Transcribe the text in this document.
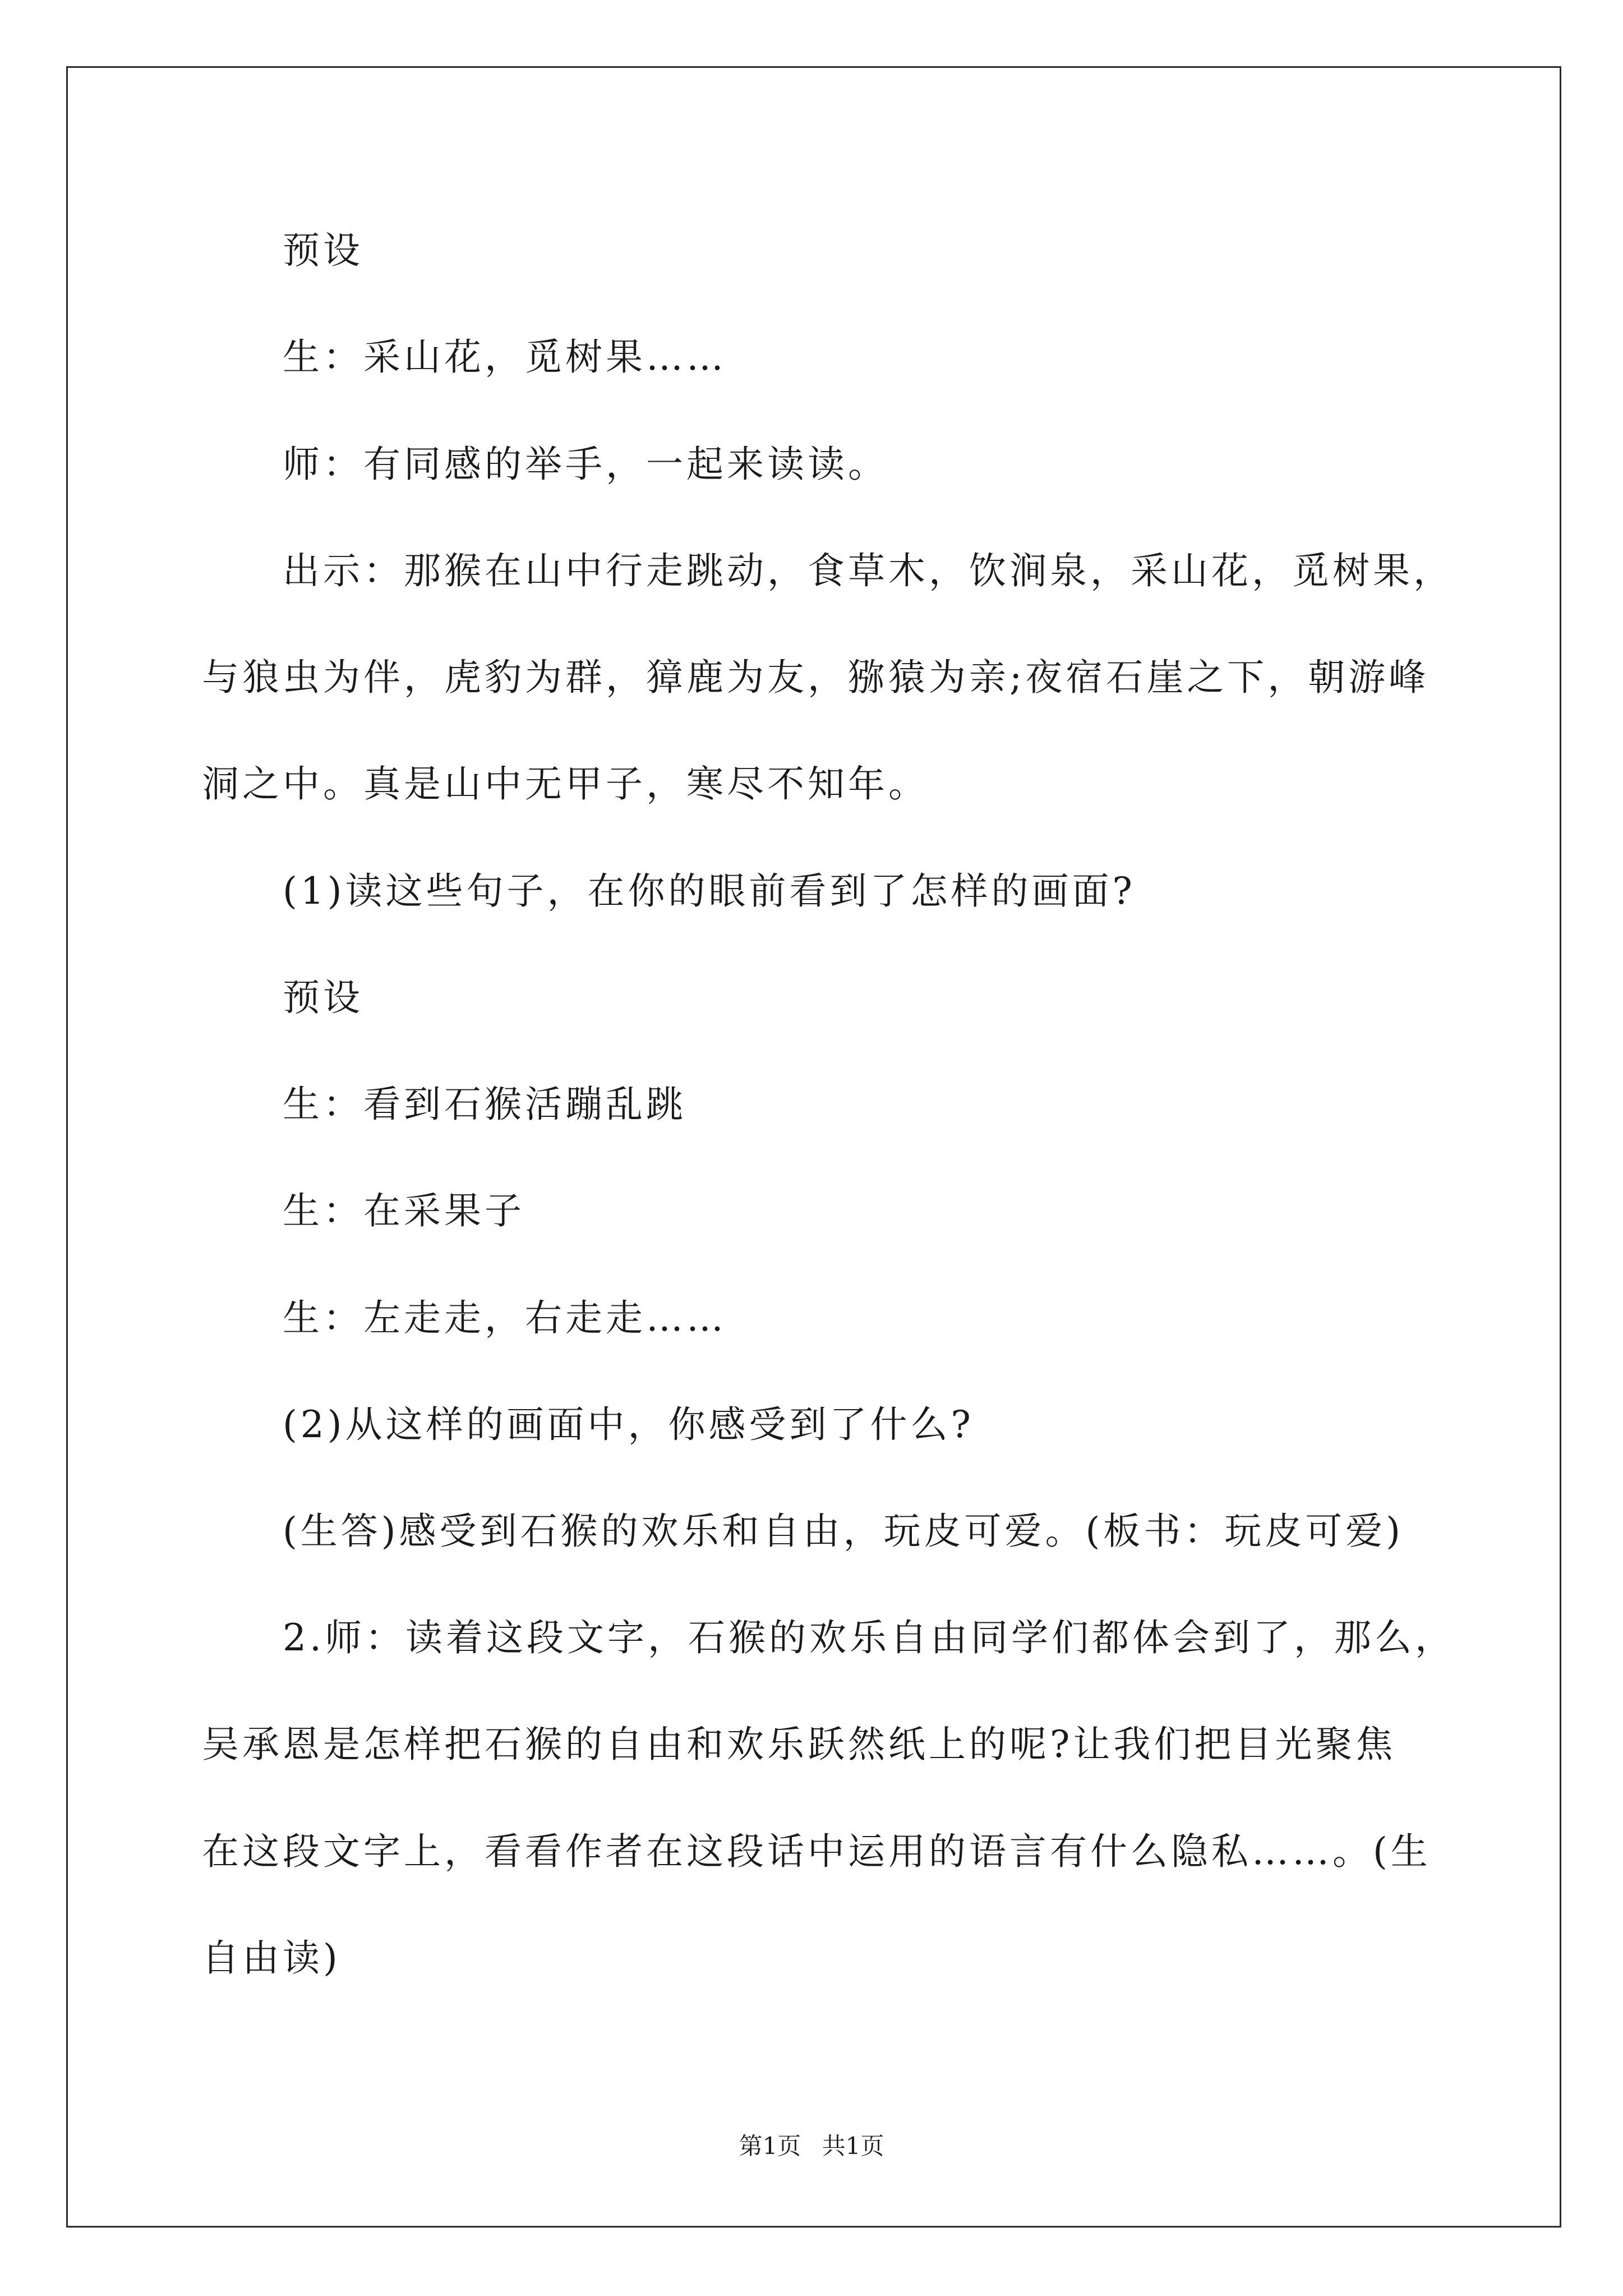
预设
生：采山花，觅树果……
师：有同感的举手，一起来读读。
出示：那猴在山中行走跳动，食草木，饮涧泉，采山花，觅树果，
与狼虫为伴，虎豹为群，獐鹿为友，猕猿为亲;夜宿石崖之下，朝游峰
洞之中。真是山中无甲子，寒尽不知年。
(1)读这些句子，在你的眼前看到了怎样的画面?
预设
生：看到石猴活蹦乱跳
生：在采果子
生：左走走，右走走……
(2)从这样的画面中，你感受到了什么?
(生答)感受到石猴的欢乐和自由，玩皮可爱。(板书：玩皮可爱)
2.师：读着这段文字，石猴的欢乐自由同学们都体会到了，那么，
吴承恩是怎样把石猴的自由和欢乐跃然纸上的呢?让我们把目光聚焦
在这段文字上，看看作者在这段话中运用的语言有什么隐私……。(生
自由读)
第1页 共1页
